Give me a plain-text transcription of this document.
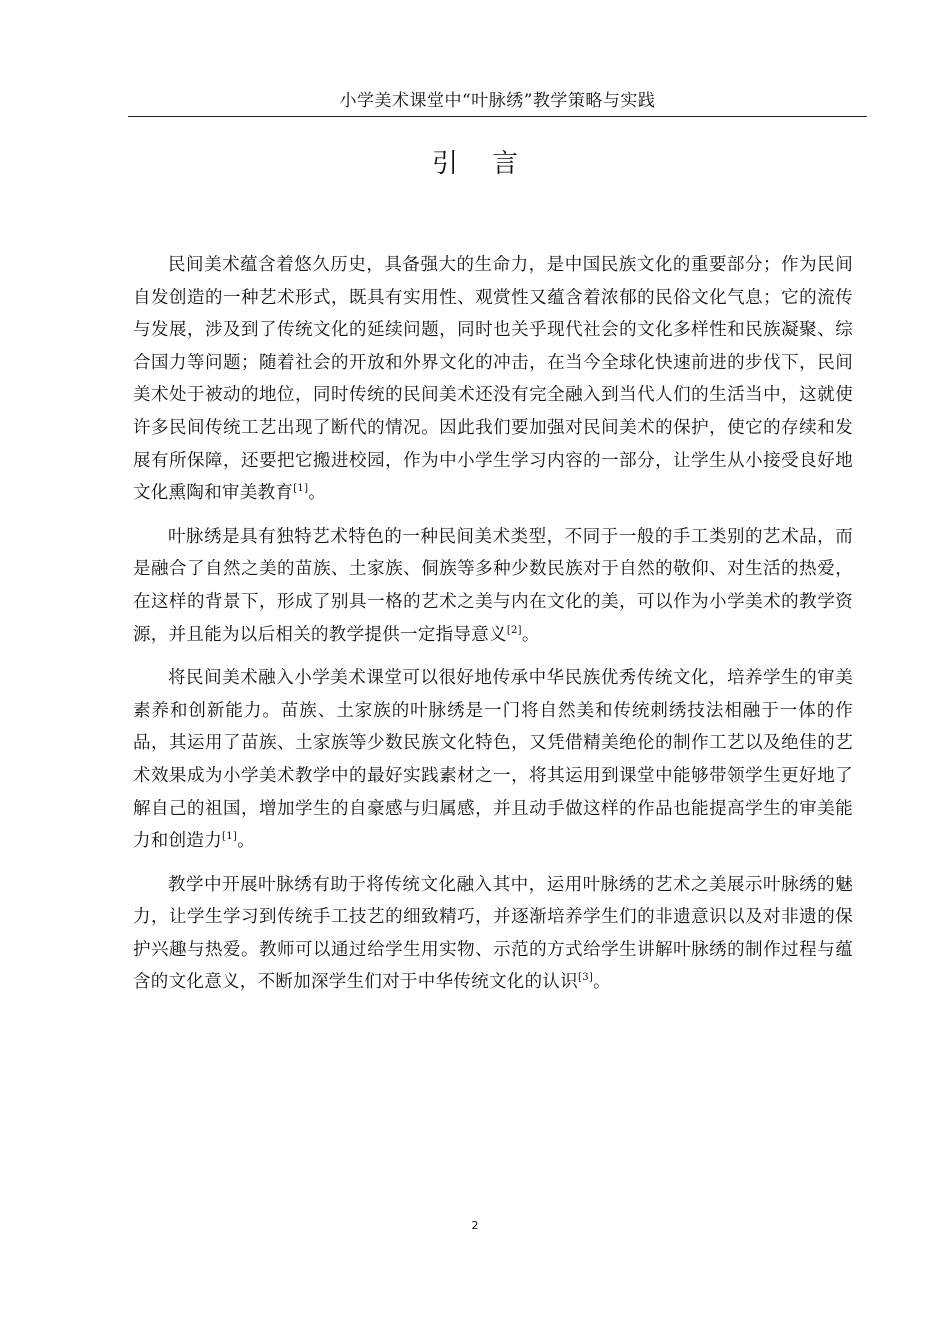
小学美术课堂中“叶脉绣”教学策略与实践
引言

民间美术蕴含着悠久历史，具备强大的生命力，是中国民族文化的重要部分；作为民间自发创造的一种艺术形式，既具有实用性、观赏性又蕴含着浓郁的民俗文化气息；它的流传与发展，涉及到了传统文化的延续问题，同时也关乎现代社会的文化多样性和民族凝聚、综合国力等问题；随着社会的开放和外界文化的冲击，在当今全球化快速前进的步伐下，民间美术处于被动的地位，同时传统的民间美术还没有完全融入到当代人们的生活当中，这就使许多民间传统工艺出现了断代的情况。因此我们要加强对民间美术的保护，使它的存续和发展有所保障，还要把它搬进校园，作为中小学生学习内容的一部分，让学生从小接受良好地文化熏陶和审美教育[1]。

叶脉绣是具有独特艺术特色的一种民间美术类型，不同于一般的手工类别的艺术品，而是融合了自然之美的苗族、土家族、侗族等多种少数民族对于自然的敬仰、对生活的热爱，在这样的背景下，形成了别具一格的艺术之美与内在文化的美，可以作为小学美术的教学资源，并且能为以后相关的教学提供一定指导意义[2]。

将民间美术融入小学美术课堂可以很好地传承中华民族优秀传统文化，培养学生的审美素养和创新能力。苗族、土家族的叶脉绣是一门将自然美和传统刺绣技法相融于一体的作品，其运用了苗族、土家族等少数民族文化特色，又凭借精美绝伦的制作工艺以及绝佳的艺术效果成为小学美术教学中的最好实践素材之一，将其运用到课堂中能够带领学生更好地了解自己的祖国，增加学生的自豪感与归属感，并且动手做这样的作品也能提高学生的审美能力和创造力[1]。

教学中开展叶脉绣有助于将传统文化融入其中，运用叶脉绣的艺术之美展示叶脉绣的魅力，让学生学习到传统手工技艺的细致精巧，并逐渐培养学生们的非遗意识以及对非遗的保护兴趣与热爱。教师可以通过给学生用实物、示范的方式给学生讲解叶脉绣的制作过程与蕴含的文化意义，不断加深学生们对于中华传统文化的认识[3]。

2
